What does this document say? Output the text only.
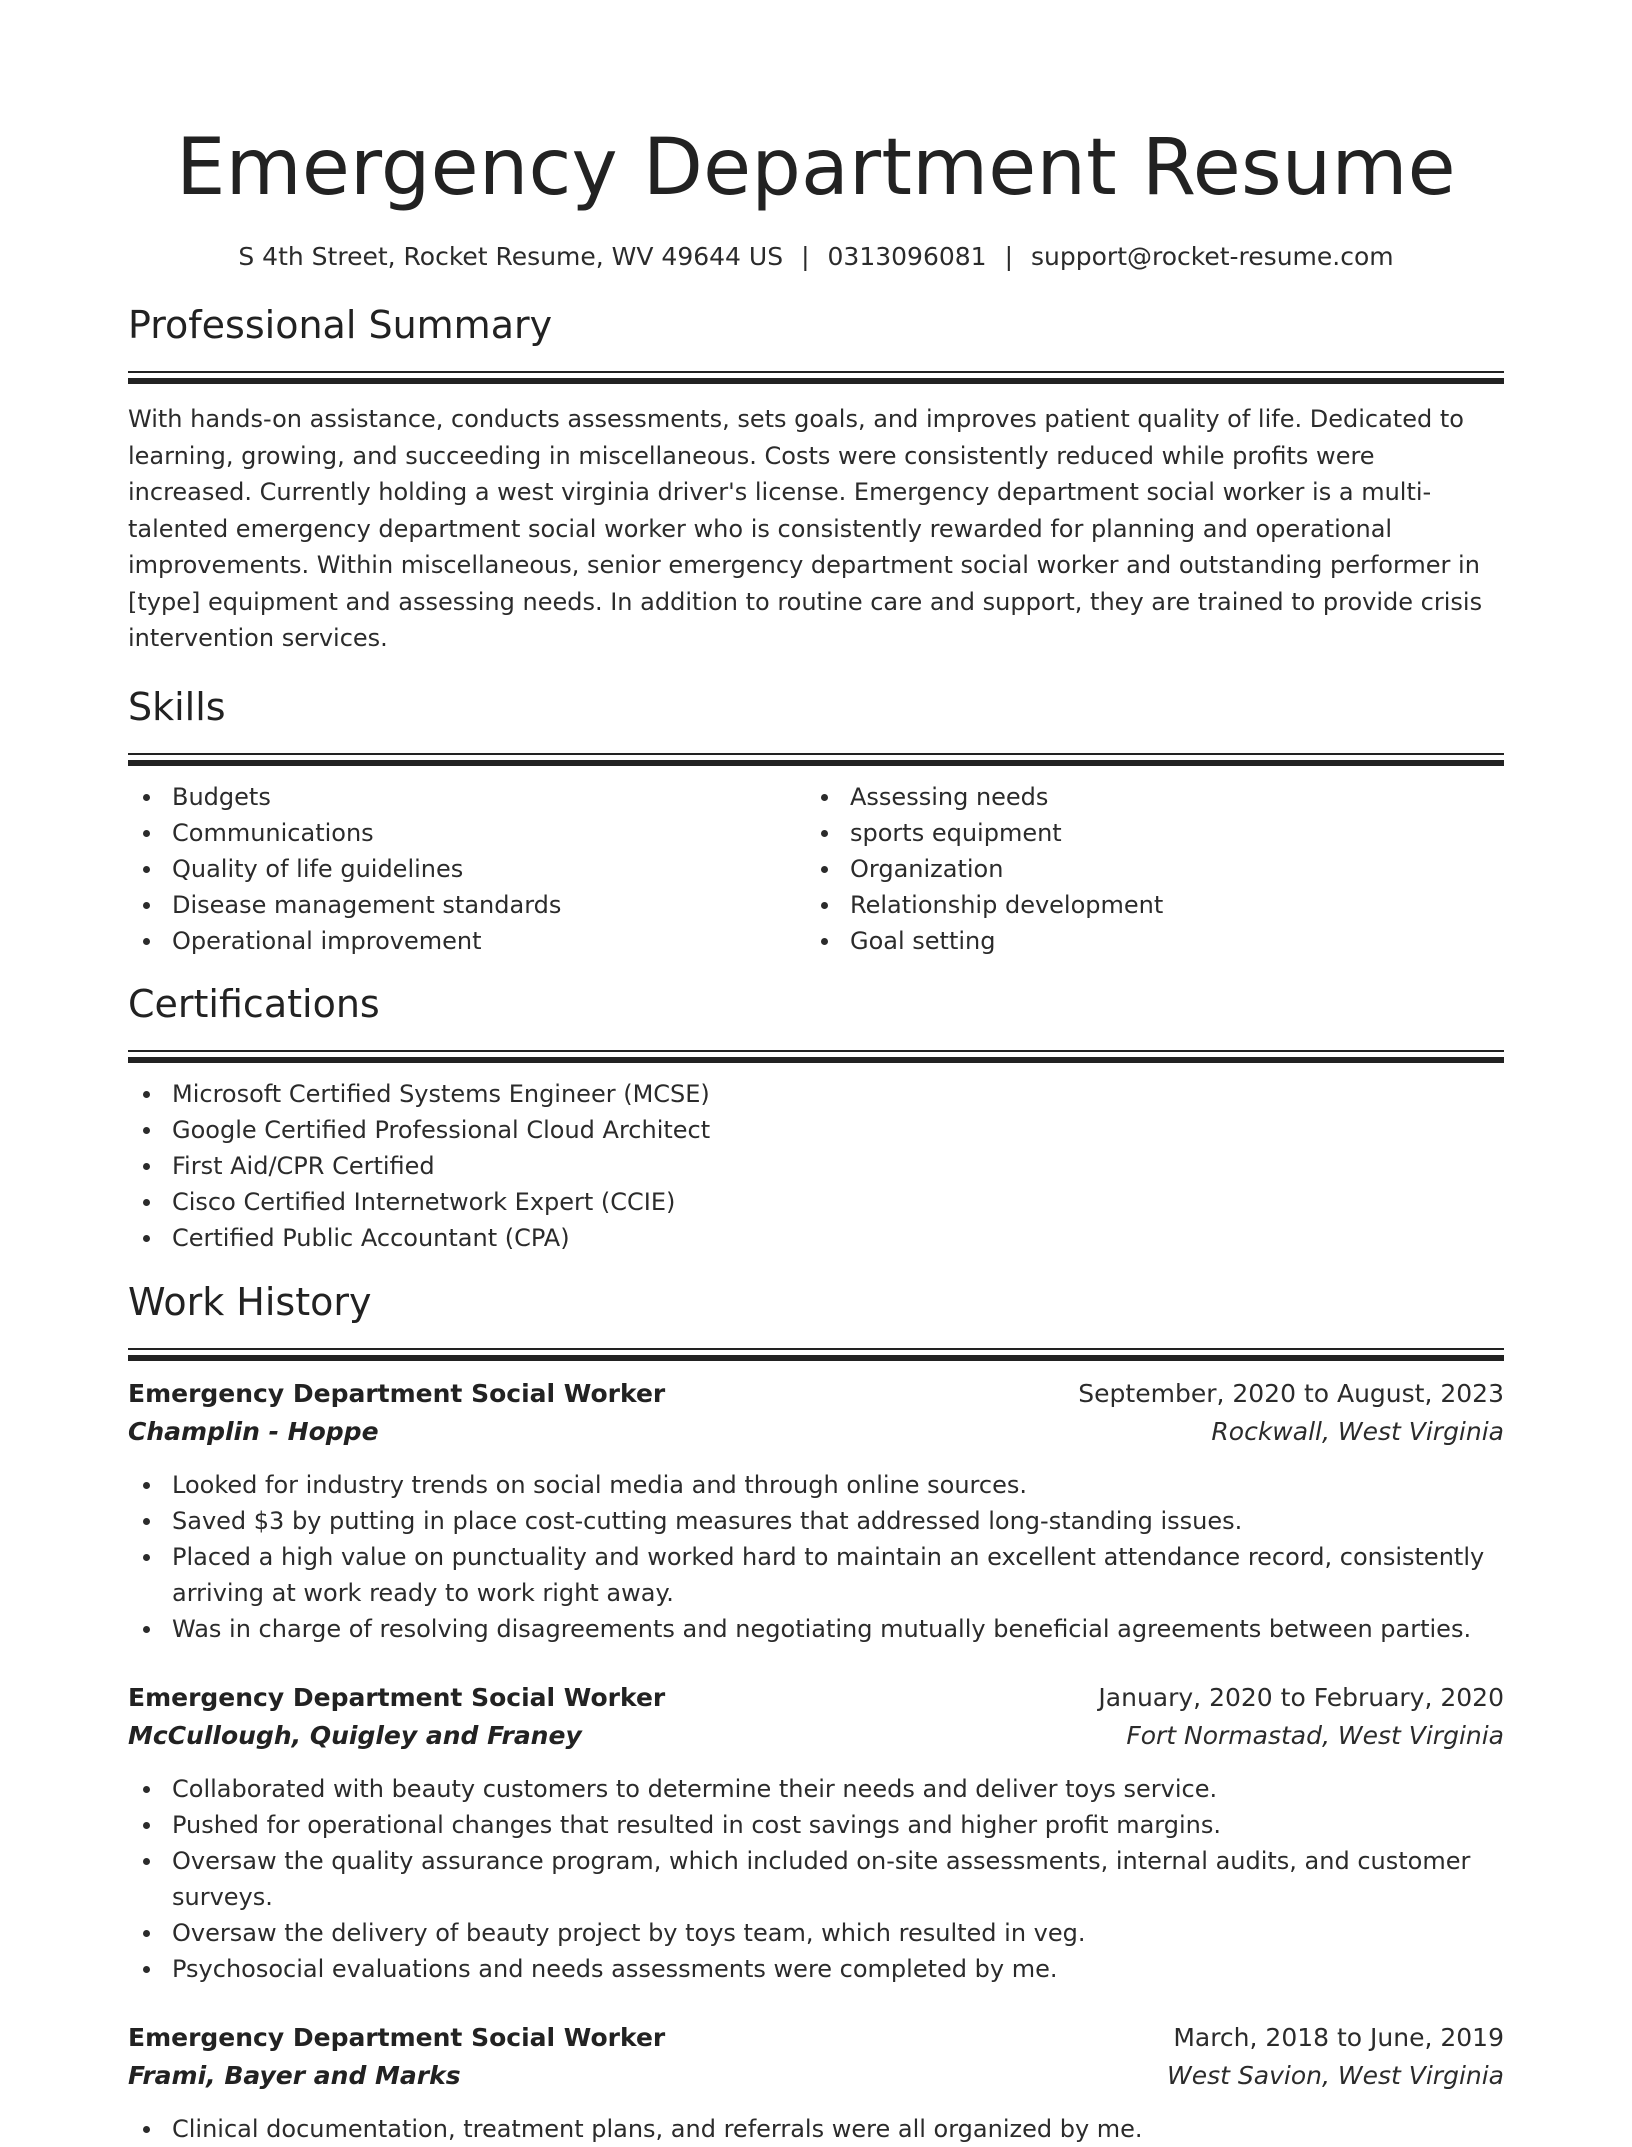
Emergency Department Resume
S 4th Street, Rocket Resume, WV 49644 US | 0313096081 | support@rocket-resume.com
Professional Summary

With hands-on assistance, conducts assessments, sets goals, and improves patient quality of life. Dedicated to learning, growing, and succeeding in miscellaneous. Costs were consistently reduced while profits were increased. Currently holding a west virginia driver's license. Emergency department social worker is a multi-talented emergency department social worker who is consistently rewarded for planning and operational improvements. Within miscellaneous, senior emergency department social worker and outstanding performer in [type] equipment and assessing needs. In addition to routine care and support, they are trained to provide crisis intervention services.

Skills
Budgets
Communications
Quality of life guidelines
Disease management standards
Operational improvement
Assessing needs
sports equipment
Organization
Relationship development
Goal setting
Certifications
Microsoft Certified Systems Engineer (MCSE)
Google Certified Professional Cloud Architect
First Aid/CPR Certified
Cisco Certified Internetwork Expert (CCIE)
Certified Public Accountant (CPA)
Work History
Emergency Department Social Worker	September, 2020 to August, 2023
Champlin - Hoppe	Rockwall, West Virginia
Looked for industry trends on social media and through online sources.
Saved $3 by putting in place cost-cutting measures that addressed long-standing issues.
Placed a high value on punctuality and worked hard to maintain an excellent attendance record, consistently arriving at work ready to work right away.
Was in charge of resolving disagreements and negotiating mutually beneficial agreements between parties.
Emergency Department Social Worker	January, 2020 to February, 2020
McCullough, Quigley and Franey	Fort Normastad, West Virginia
Collaborated with beauty customers to determine their needs and deliver toys service.
Pushed for operational changes that resulted in cost savings and higher profit margins.
Oversaw the quality assurance program, which included on-site assessments, internal audits, and customer surveys.
Oversaw the delivery of beauty project by toys team, which resulted in veg.
Psychosocial evaluations and needs assessments were completed by me.
Emergency Department Social Worker	March, 2018 to June, 2019
Frami, Bayer and Marks	West Savion, West Virginia
Clinical documentation, treatment plans, and referrals were all organized by me.
